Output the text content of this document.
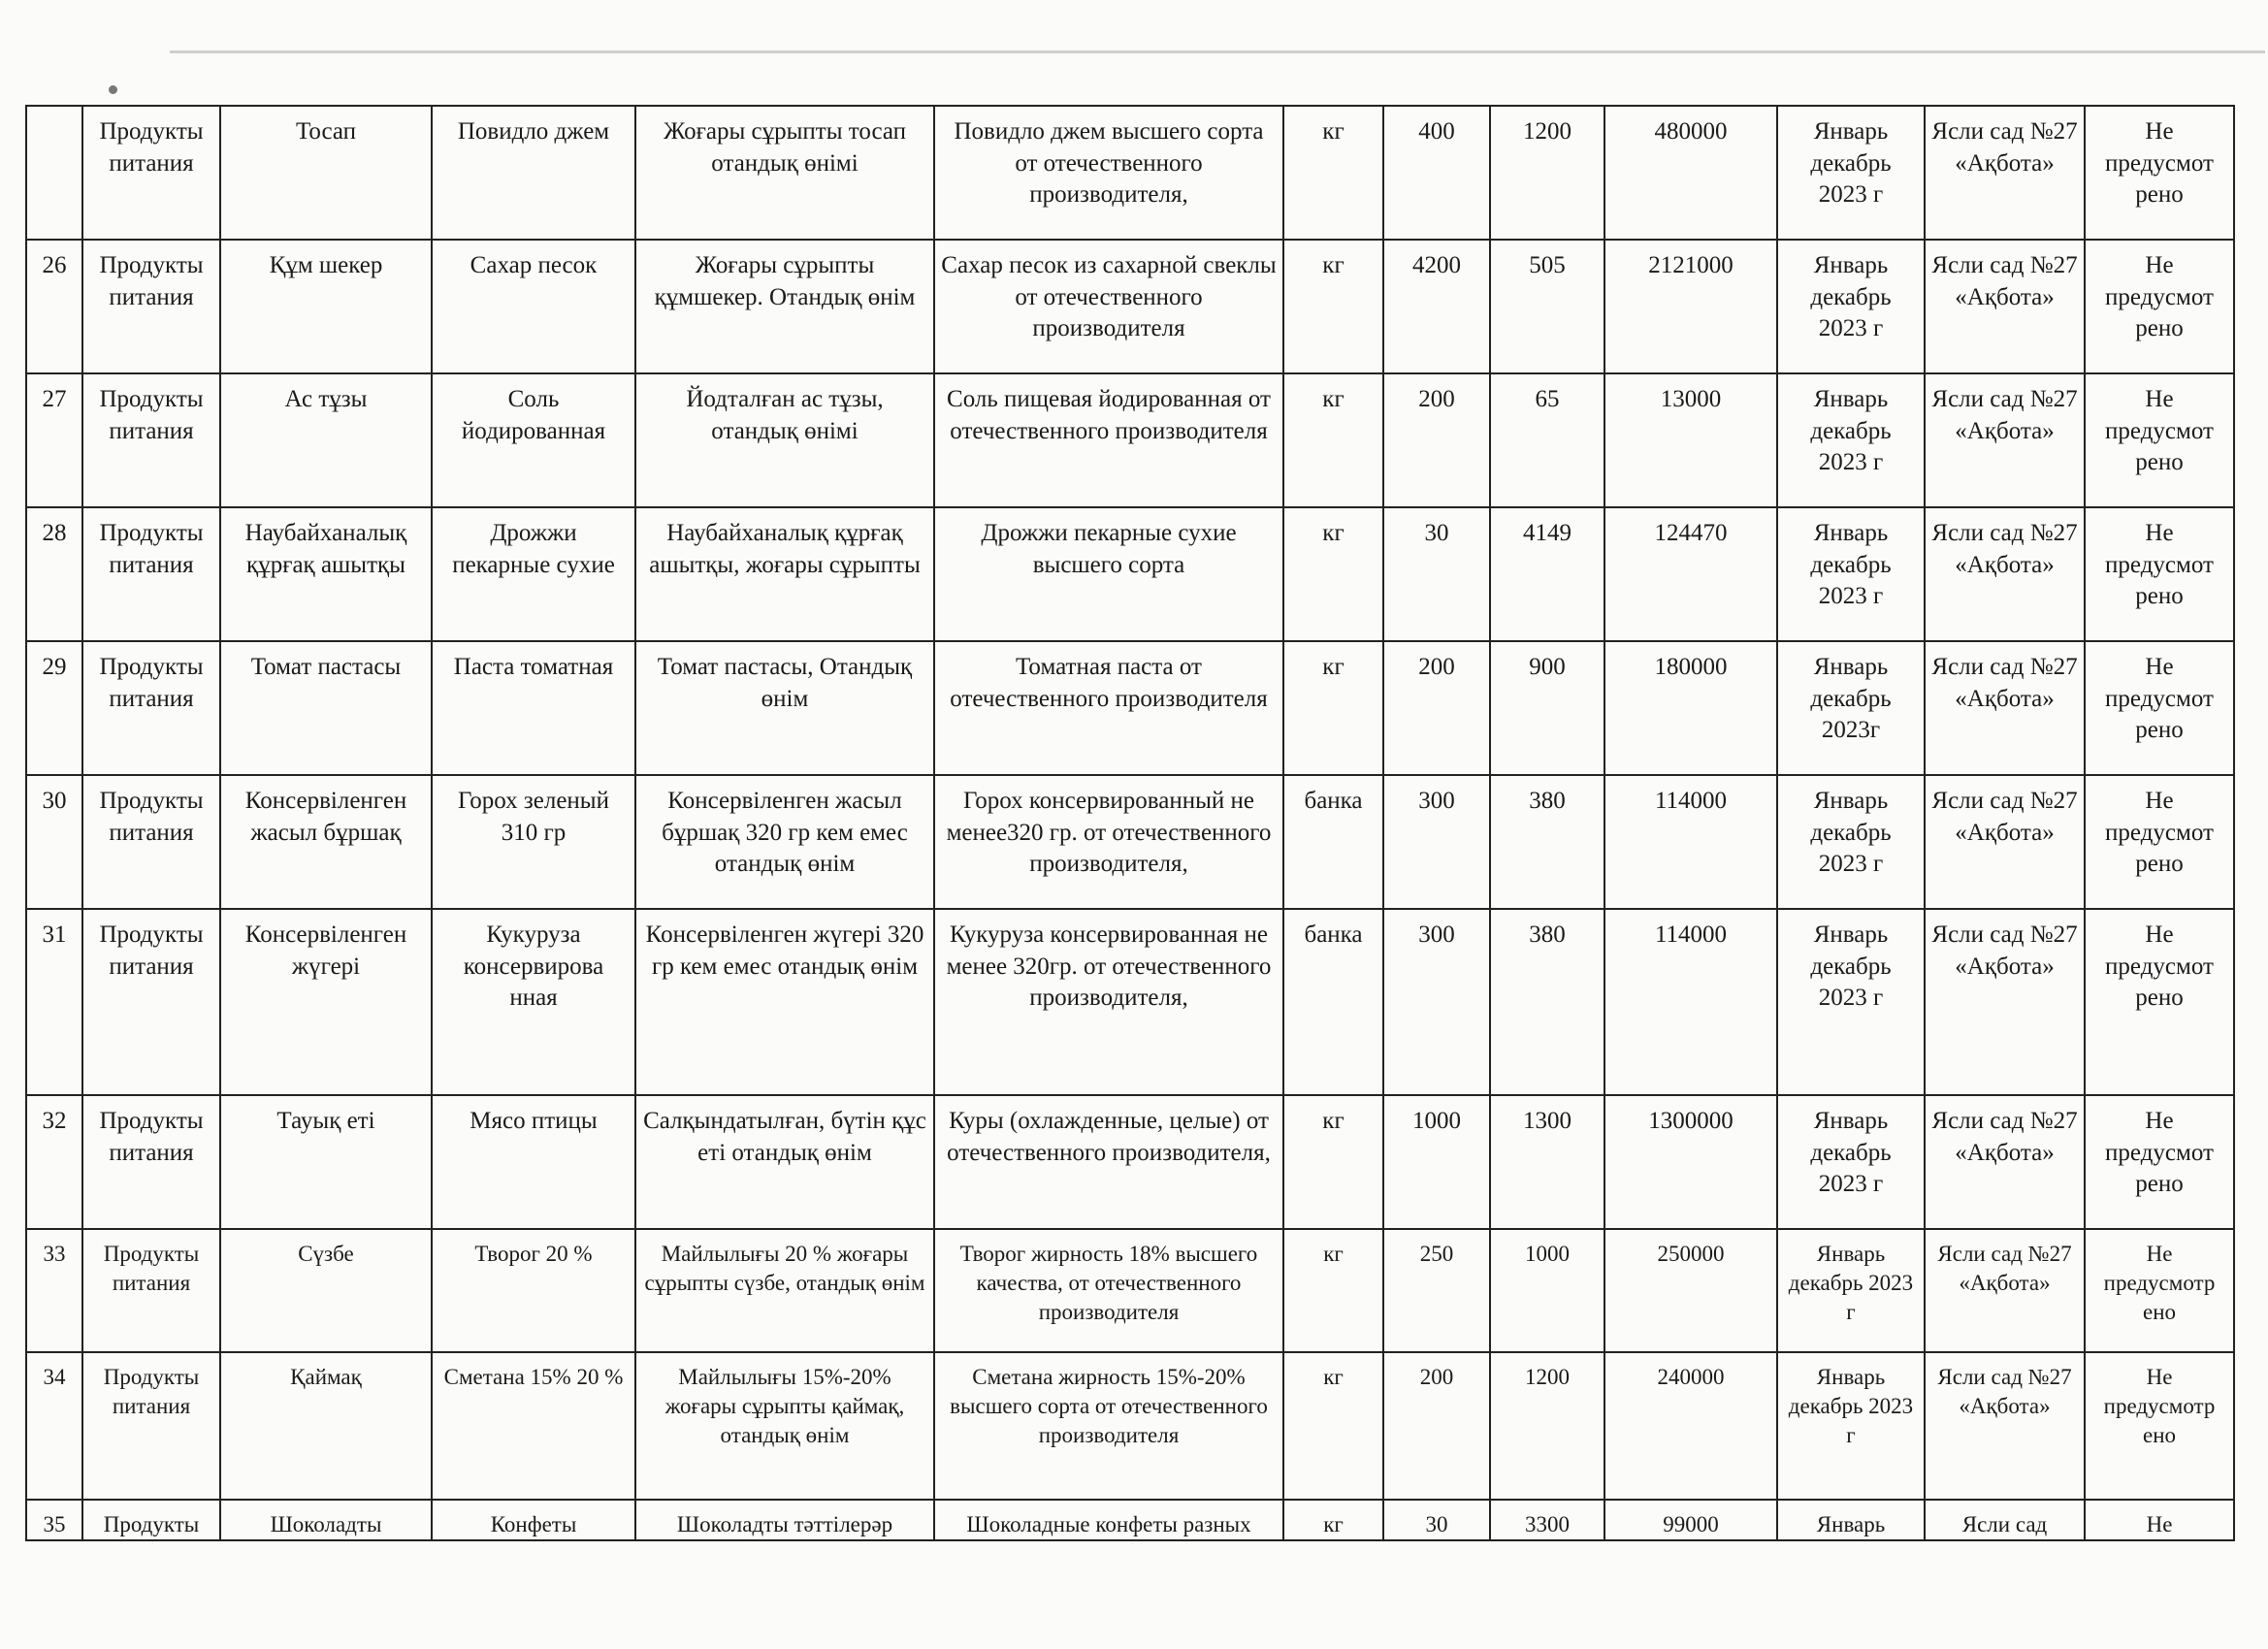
	Продукты питания	Тосап	Повидло джем	Жоғары сұрыпты тосап отандық өнімі	Повидло джем высшего сорта от отечественного производителя,	кг	400	1200	480000	Январь декабрь 2023 г	Ясли сад №27 «Ақбота»	Не предусмот рено
26	Продукты питания	Құм шекер	Сахар песок	Жоғары сұрыпты құмшекер. Отандық өнім	Сахар песок из сахарной свеклы от отечественного производителя	кг	4200	505	2121000	Январь декабрь 2023 г	Ясли сад №27 «Ақбота»	Не предусмот рено
27	Продукты питания	Ас тұзы	Соль йодированная	Йодталған ас тұзы, отандық өнімі	Соль пищевая йодированная от отечественного производителя	кг	200	65	13000	Январь декабрь 2023 г	Ясли сад №27 «Ақбота»	Не предусмот рено
28	Продукты питания	Наубайханалық құрғақ ашытқы	Дрожжи пекарные сухие	Наубайханалық құрғақ ашытқы, жоғары сұрыпты	Дрожжи пекарные сухие высшего сорта	кг	30	4149	124470	Январь декабрь 2023 г	Ясли сад №27 «Ақбота»	Не предусмот рено
29	Продукты питания	Томат пастасы	Паста томатная	Томат пастасы, Отандық өнім	Томатная паста от отечественного производителя	кг	200	900	180000	Январь декабрь 2023г	Ясли сад №27 «Ақбота»	Не предусмот рено
30	Продукты питания	Консервіленген жасыл бұршақ	Горох зеленый 310 гр	Консервіленген жасыл бұршақ 320 гр кем емес отандық өнім	Горох консервированный не менее320 гр. от отечественного производителя,	банка	300	380	114000	Январь декабрь 2023 г	Ясли сад №27 «Ақбота»	Не предусмот рено
31	Продукты питания	Консервіленген жүгері	Кукуруза консервирова нная	Консервіленген жүгері 320 гр кем емес отандық өнім	Кукуруза консервированная не менее 320гр. от отечественного производителя,	банка	300	380	114000	Январь декабрь 2023 г	Ясли сад №27 «Ақбота»	Не предусмот рено
32	Продукты питания	Тауық еті	Мясо птицы	Салқындатылған, бүтін құс еті отандық өнім	Куры (охлажденные, целые) от отечественного производителя,	кг	1000	1300	1300000	Январь декабрь 2023 г	Ясли сад №27 «Ақбота»	Не предусмот рено
33	Продукты питания	Сүзбе	Творог 20 %	Майлылығы 20 % жоғары сұрыпты сүзбе, отандық өнім	Творог жирность 18% высшего качества, от отечественного производителя	кг	250	1000	250000	Январь декабрь 2023 г	Ясли сад №27 «Ақбота»	Не предусмотр ено
34	Продукты питания	Қаймақ	Сметана 15% 20 %	Майлылығы 15%-20% жоғары сұрыпты қаймақ, отандық өнім	Сметана жирность 15%-20% высшего сорта от отечественного производителя	кг	200	1200	240000	Январь декабрь 2023 г	Ясли сад №27 «Ақбота»	Не предусмотр ено
35	Продукты	Шоколадты	Конфеты	Шоколадты тәттілерәр	Шоколадные конфеты разных	кг	30	3300	99000	Январь	Ясли сад	Не
